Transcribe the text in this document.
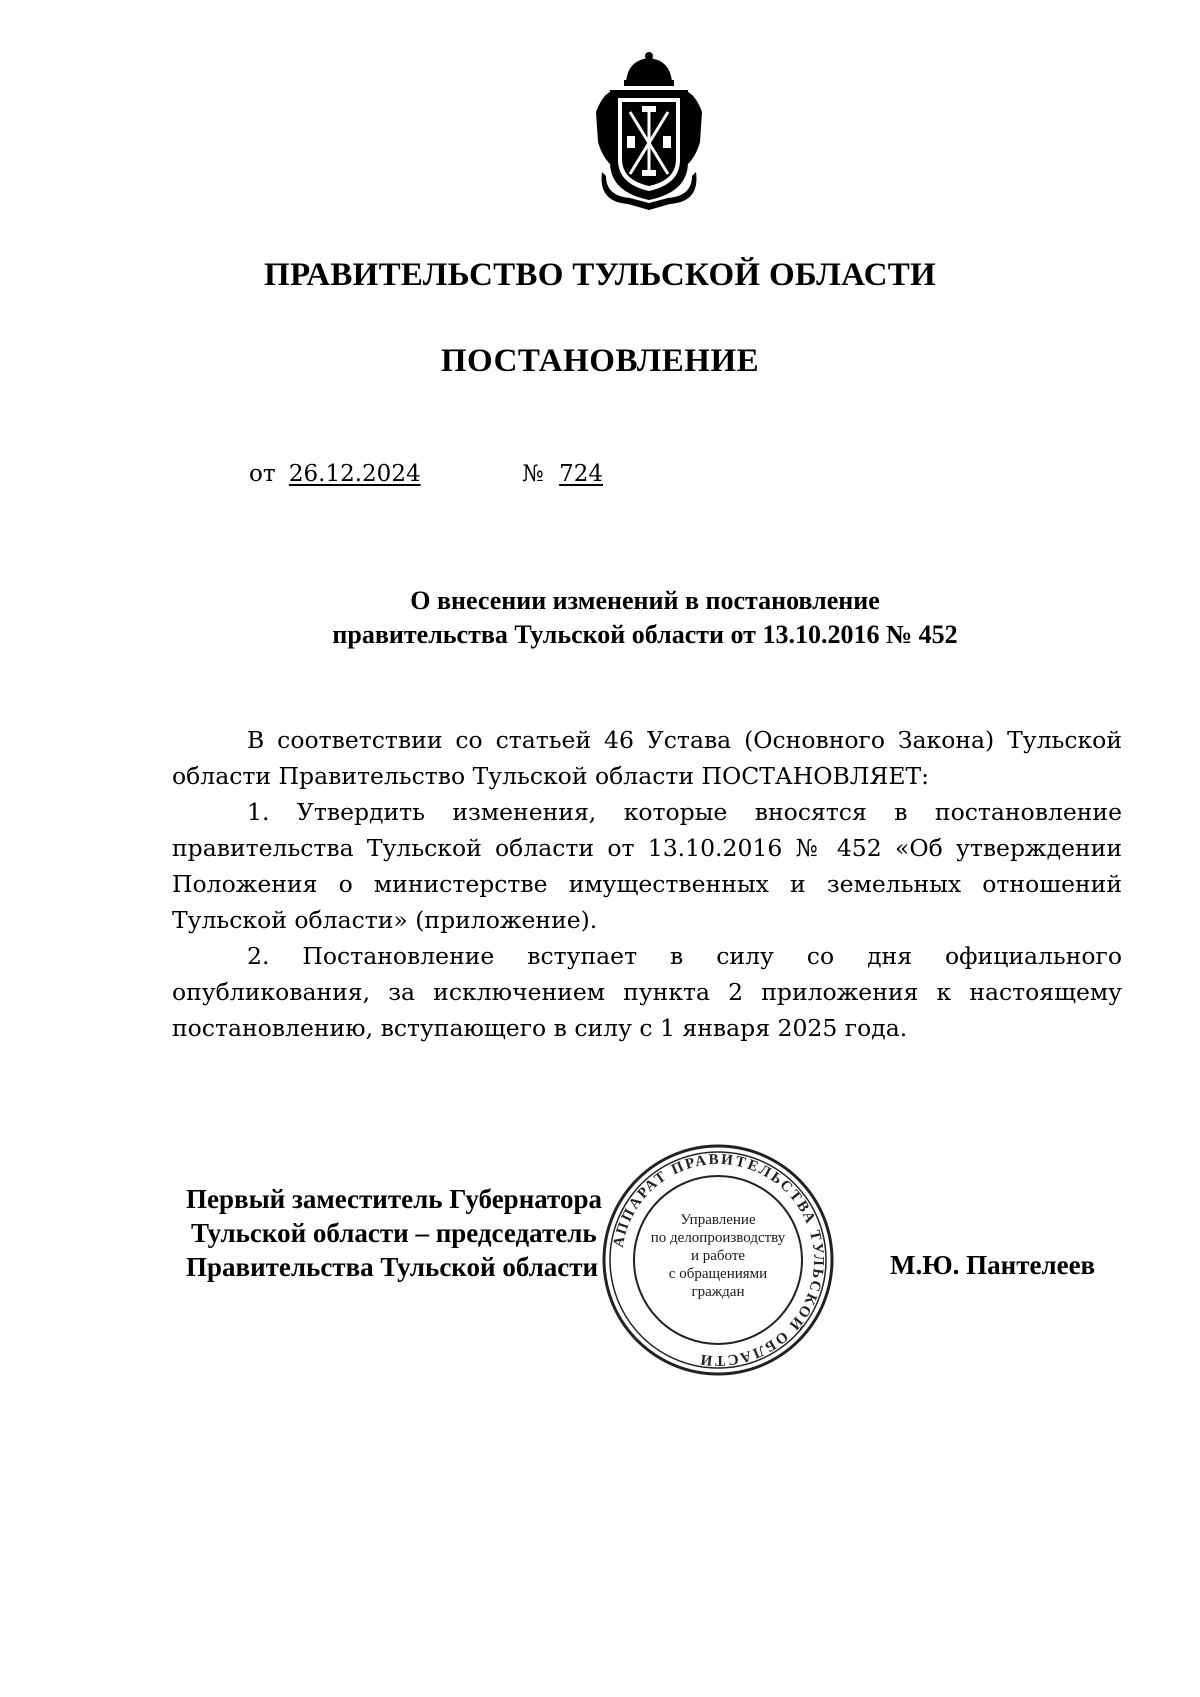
ПРАВИТЕЛЬСТВО ТУЛЬСКОЙ ОБЛАСТИ
ПОСТАНОВЛЕНИЕ
от 26.12.2024	№ 724
О внесении изменений в постановление
правительства Тульской области от 13.10.2016 № 452

В соответствии со статьей 46 Устава (Основного Закона) Тульской области Правительство Тульской области ПОСТАНОВЛЯЕТ:

1. Утвердить изменения, которые вносятся в постановление правительства Тульской области от 13.10.2016 № 452 «Об утверждении Положения о министерстве имущественных и земельных отношений Тульской области» (приложение).

2. Постановление вступает в силу со дня официального опубликования, за исключением пункта 2 приложения к настоящему постановлению, вступающего в силу с 1 января 2025 года.

АППАРАТ ПРАВИТЕЛЬСТВА ТУЛЬСКОЙ ОБЛАСТИ
Управление
по делопроизводству
и работе
с обращениями
граждан
Первый заместитель Губернатора
Тульской области – председатель
Правительства Тульской области	М.Ю. Пантелеев
